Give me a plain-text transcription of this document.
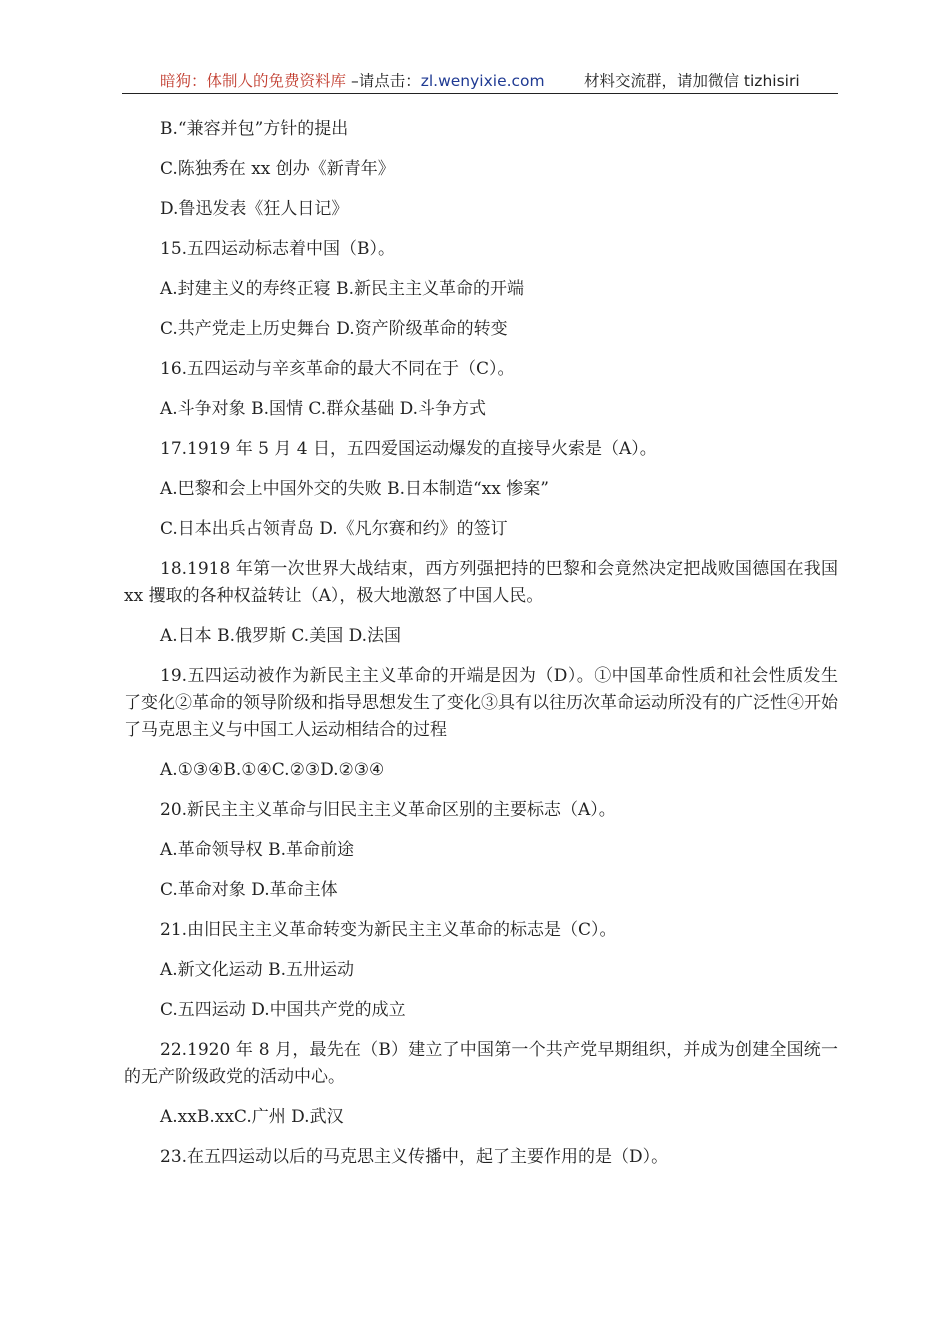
暗狗：体制人的免费资料库 –请点击：zl.wenyixie.com	材料交流群，请加微信 tizhisiri
B.“兼容并包”方针的提出
C.陈独秀在 xx 创办《新青年》
D.鲁迅发表《狂人日记》
15.五四运动标志着中国（B）。
A.封建主义的寿终正寝 B.新民主主义革命的开端
C.共产党走上历史舞台 D.资产阶级革命的转变
16.五四运动与辛亥革命的最大不同在于（C）。
A.斗争对象 B.国情 C.群众基础 D.斗争方式
17.1919 年 5 月 4 日，五四爱国运动爆发的直接导火索是（A）。
A.巴黎和会上中国外交的失败 B.日本制造“xx 惨案”
C.日本出兵占领青岛 D.《凡尔赛和约》的签订
18.1918 年第一次世界大战结束，西方列强把持的巴黎和会竟然决定把战败国德国在我国 xx 攫取的各种权益转让（A），极大地激怒了中国人民。
A.日本 B.俄罗斯 C.美国 D.法国
19.五四运动被作为新民主主义革命的开端是因为（D）。①中国革命性质和社会性质发生了变化②革命的领导阶级和指导思想发生了变化③具有以往历次革命运动所没有的广泛性④开始了马克思主义与中国工人运动相结合的过程
A.①③④B.①④C.②③D.②③④
20.新民主主义革命与旧民主主义革命区别的主要标志（A）。
A.革命领导权 B.革命前途
C.革命对象 D.革命主体
21.由旧民主主义革命转变为新民主主义革命的标志是（C）。
A.新文化运动 B.五卅运动
C.五四运动 D.中国共产党的成立
22.1920 年 8 月，最先在（B）建立了中国第一个共产党早期组织，并成为创建全国统一的无产阶级政党的活动中心。
A.xxB.xxC.广州 D.武汉
23.在五四运动以后的马克思主义传播中，起了主要作用的是（D）。
